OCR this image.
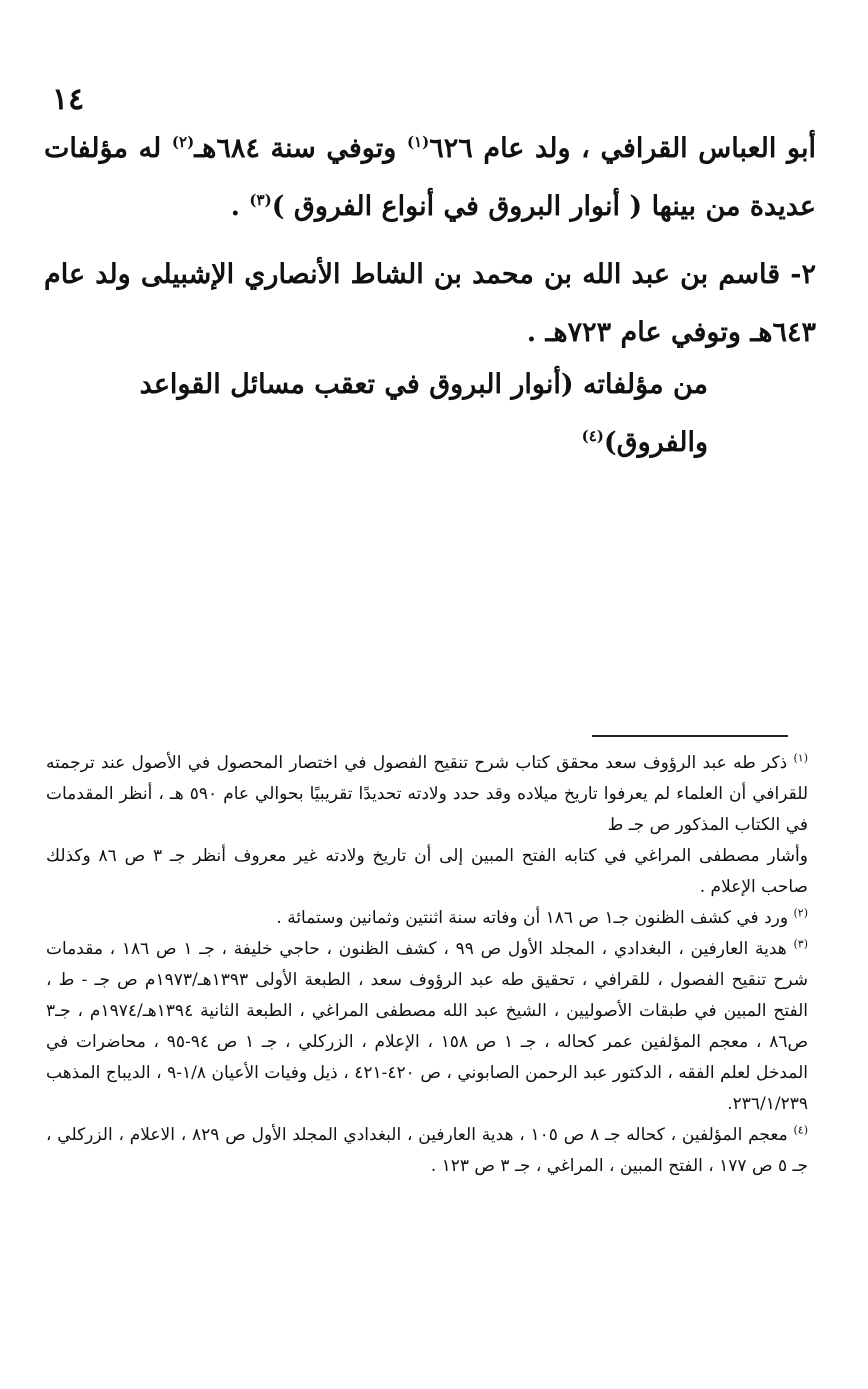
١٤

أبو العباس القرافي ، ولد عام ٦٢٦$^{(١)}$ وتوفي سنة ٦٨٤هـ$^{(٢)}$ له مؤلفات عديدة من بينها ( أنوار البروق في أنواع الفروق )$^{(٣)}$ .

٢- قاسم بن عبد الله بن محمد بن الشاط الأنصاري الإشبيلى ولد عام ٦٤٣هـ وتوفي عام ٧٢٣هـ .

من مؤلفاته (أنوار البروق في تعقب مسائل القواعد والفروق)$^{(٤)}$

$^{(١)}$ ذكر طه عبد الرؤوف سعد محقق كتاب شرح تنقيح الفصول في اختصار المحصول في الأصول عند ترجمته للقرافي أن العلماء لم يعرفوا تاريخ ميلاده وقد حدد ولادته تحديدًا تقريبيًا بحوالي عام ٥٩٠ هـ ، أنظر المقدمات في الكتاب المذكور ص جـ ط

وأشار مصطفى المراغي في كتابه الفتح المبين إلى أن تاريخ ولادته غير معروف أنظر جـ ٣ ص ٨٦ وكذلك صاحب الإعلام .

$^{(٢)}$ ورد في كشف الظنون جـ١ ص ١٨٦ أن وفاته سنة اثنتين وثمانين وستمائة .

$^{(٣)}$ هدية العارفين ، البغدادي ، المجلد الأول ص ٩٩ ، كشف الظنون ، حاجي خليفة ، جـ ١ ص ١٨٦ ، مقدمات شرح تنقيح الفصول ، للقرافي ، تحقيق طه عبد الرؤوف سعد ، الطبعة الأولى ١٣٩٣هـ/١٩٧٣م ص جـ - ط ، الفتح المبين في طبقات الأصوليين ، الشيخ عبد الله مصطفى المراغي ، الطبعة الثانية ١٣٩٤هـ/١٩٧٤م ، جـ٣ ص٨٦ ، معجم المؤلفين عمر كحاله ، جـ ١ ص ١٥٨ ، الإعلام ، الزركلي ، جـ ١ ص ٩٤-٩٥ ، محاضرات في المدخل لعلم الفقه ، الدكتور عبد الرحمن الصابوني ، ص ٤٢٠-٤٢١ ، ذيل وفيات الأعيان ١/٨-٩ ، الديباج المذهب ٢٣٦/١/٢٣٩.

$^{(٤)}$ معجم المؤلفين ، كحاله جـ ٨ ص ١٠٥ ، هدية العارفين ، البغدادي المجلد الأول ص ٨٢٩ ، الاعلام ، الزركلي ، جـ ٥ ص ١٧٧ ، الفتح المبين ، المراغي ، جـ ٣ ص ١٢٣ .
